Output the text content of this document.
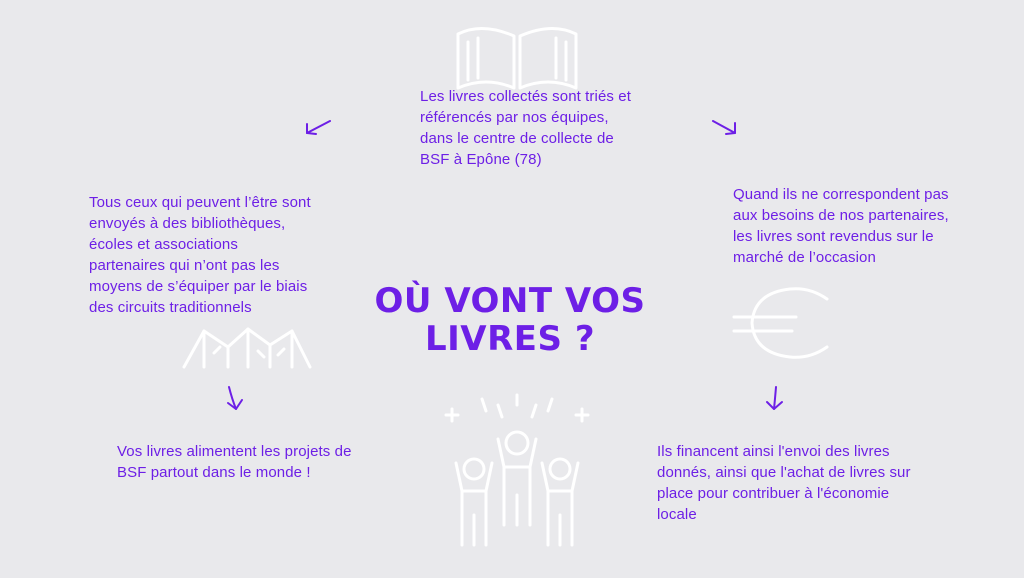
Les livres collectés sont triés et référencés par nos équipes, dans le centre de collecte de BSF à Epône (78)
Tous ceux qui peuvent l’être sont envoyés à des bibliothèques, écoles et associations partenaires qui n’ont pas les moyens de s’équiper par le biais des circuits traditionnels
Quand ils ne correspondent pas aux besoins de nos partenaires, les livres sont revendus sur le marché de l’occasion
Vos livres alimentent les projets de BSF partout dans le monde !
Ils financent ainsi l'envoi des livres donnés, ainsi que l'achat de livres sur place pour contribuer à l'économie locale
OÙ VONT VOS
LIVRES ?
